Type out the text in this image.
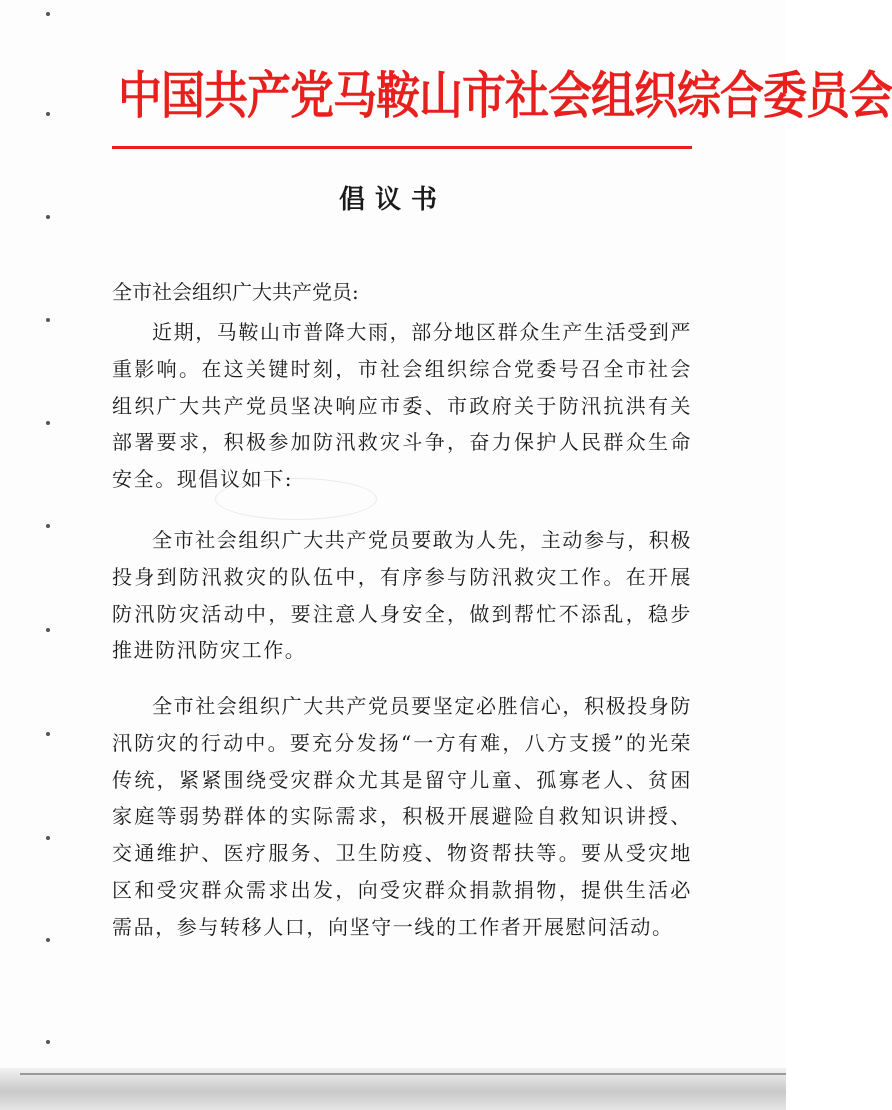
中国共产党马鞍山市社会组织综合委员会
倡议书
全市社会组织广大共产党员:

近期，马鞍山市普降大雨，部分地区群众生产生活受到严重影响。在这关键时刻，市社会组织综合党委号召全市社会组织广大共产党员坚决响应市委、市政府关于防汛抗洪有关部署要求，积极参加防汛救灾斗争，奋力保护人民群众生命安全。现倡议如下:

全市社会组织广大共产党员要敢为人先，主动参与，积极投身到防汛救灾的队伍中，有序参与防汛救灾工作。在开展防汛防灾活动中，要注意人身安全，做到帮忙不添乱，稳步推进防汛防灾工作。

全市社会组织广大共产党员要坚定必胜信心，积极投身防汛防灾的行动中。要充分发扬“一方有难，八方支援”的光荣传统，紧紧围绕受灾群众尤其是留守儿童、孤寡老人、贫困家庭等弱势群体的实际需求，积极开展避险自救知识讲授、交通维护、医疗服务、卫生防疫、物资帮扶等。要从受灾地区和受灾群众需求出发，向受灾群众捐款捐物，提供生活必需品，参与转移人口，向坚守一线的工作者开展慰问活动。
